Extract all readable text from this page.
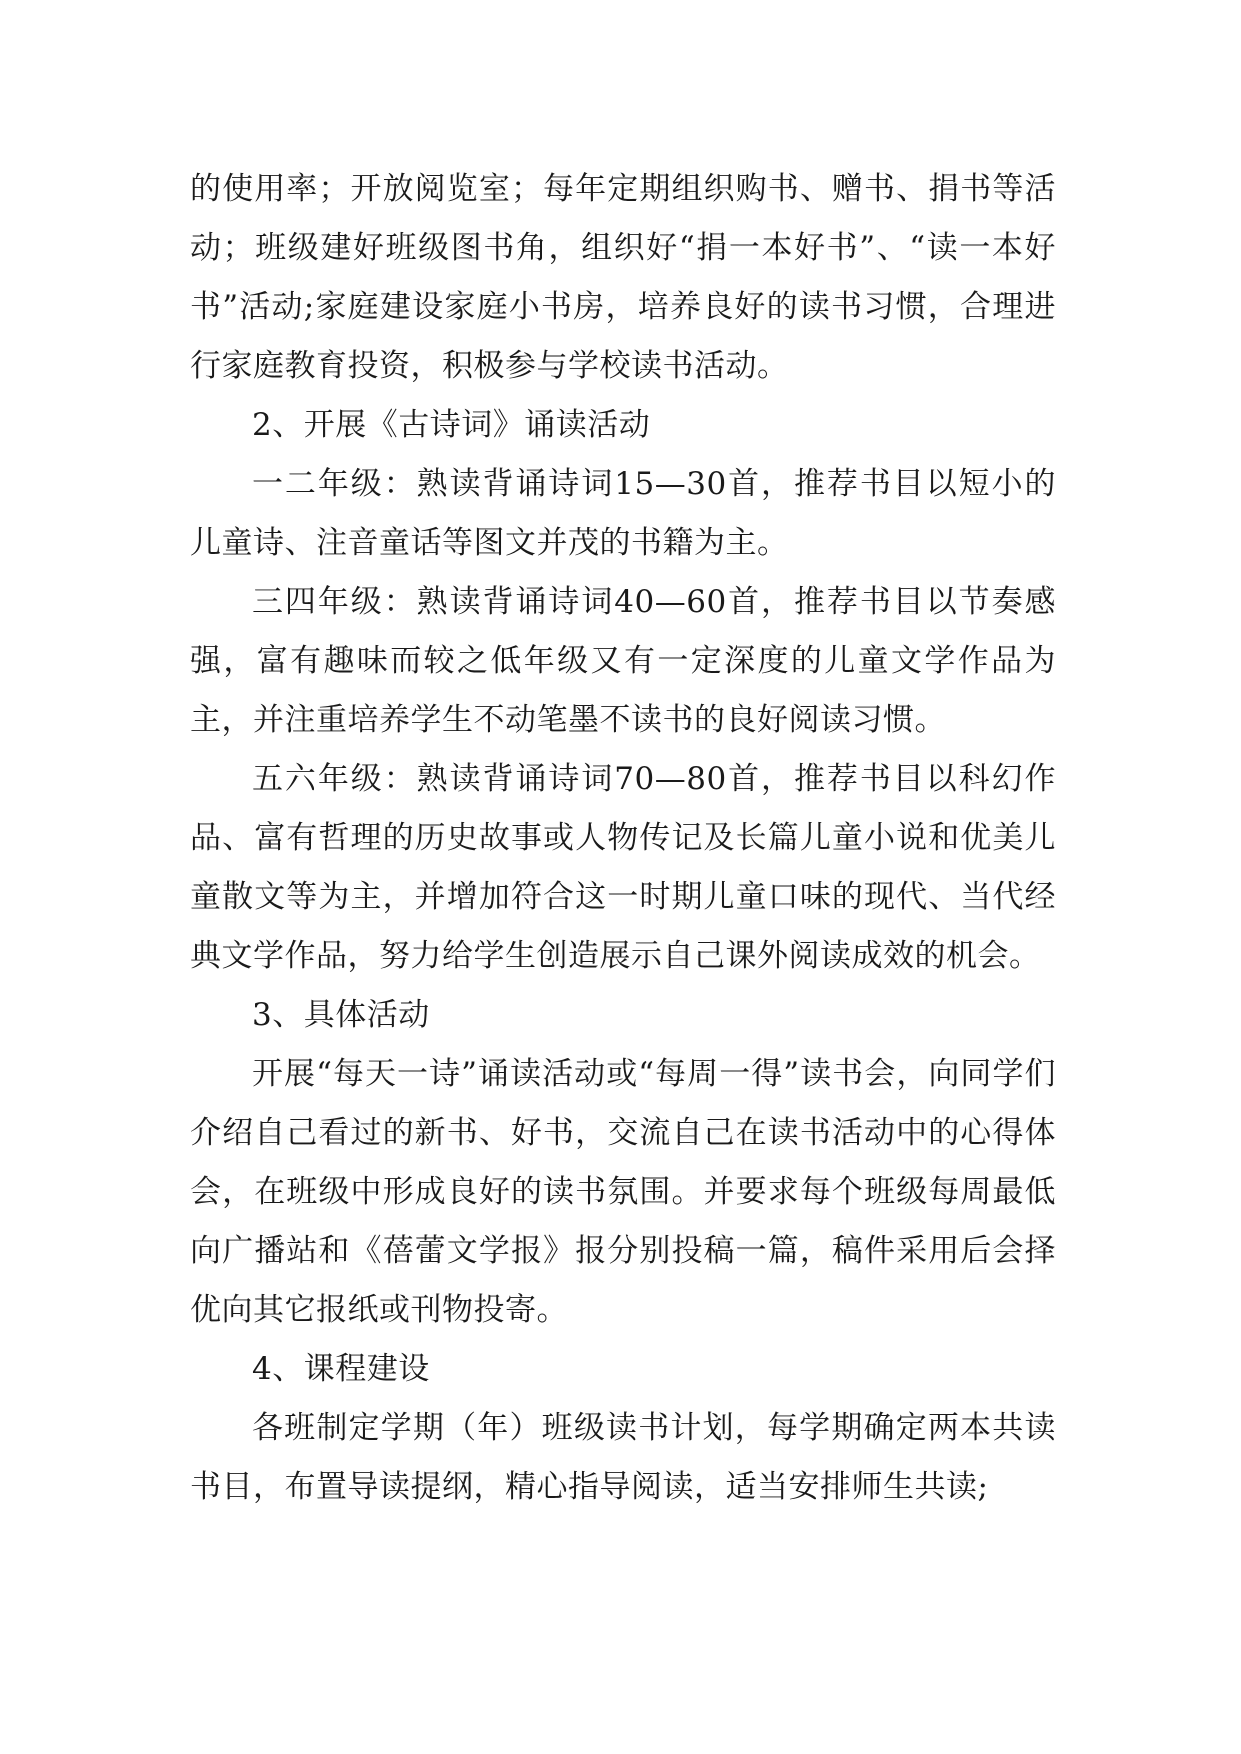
的使用率；开放阅览室；每年定期组织购书、赠书、捐书等活动；班级建好班级图书角，组织好“捐一本好书”、“读一本好书”活动;家庭建设家庭小书房，培养良好的读书习惯，合理进行家庭教育投资，积极参与学校读书活动。

2、开展《古诗词》诵读活动

一二年级：熟读背诵诗词15—30首，推荐书目以短小的儿童诗、注音童话等图文并茂的书籍为主。

三四年级：熟读背诵诗词40—60首，推荐书目以节奏感强，富有趣味而较之低年级又有一定深度的儿童文学作品为主，并注重培养学生不动笔墨不读书的良好阅读习惯。

五六年级：熟读背诵诗词70—80首，推荐书目以科幻作品、富有哲理的历史故事或人物传记及长篇儿童小说和优美儿童散文等为主，并增加符合这一时期儿童口味的现代、当代经典文学作品，努力给学生创造展示自己课外阅读成效的机会。

3、具体活动

开展“每天一诗”诵读活动或“每周一得”读书会，向同学们介绍自己看过的新书、好书，交流自己在读书活动中的心得体会，在班级中形成良好的读书氛围。并要求每个班级每周最低向广播站和《蓓蕾文学报》报分别投稿一篇，稿件采用后会择优向其它报纸或刊物投寄。

4、课程建设

各班制定学期（年）班级读书计划，每学期确定两本共读书目，布置导读提纲，精心指导阅读，适当安排师生共读;
